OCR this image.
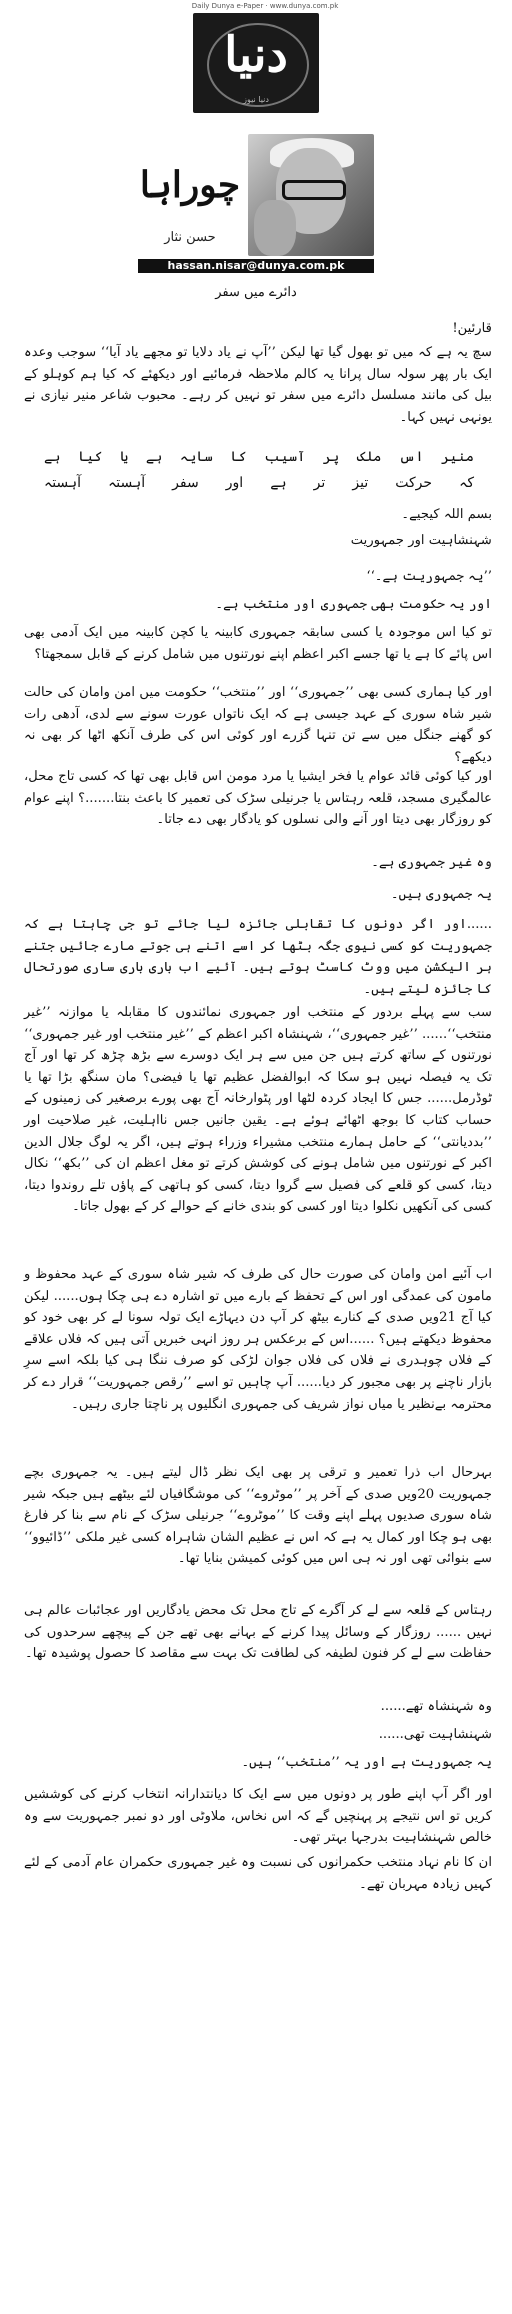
Daily Dunya e-Paper · www.dunya.com.pk
دنیا
دنیا نیوز
چوراہا
حسن نثار
hassan.nisar@dunya.com.pk
دائرے میں سفر
قارئین!
سچ یہ ہے کہ میں تو بھول گیا تھا لیکن ’’آپ نے یاد دلایا تو مجھے یاد آیا‘‘ سوجب وعدہ ایک بار پھر سولہ سال پرانا یہ کالم ملاحظہ فرمائیے اور دیکھئے کہ کیا ہم کوہلو کے بیل کی مانند مسلسل دائرے میں سفر تو نہیں کر رہے۔ محبوب شاعر منیر نیازی نے یونہی نہیں کہا۔
منیر اس ملک پر آسیب کا سایہ ہے یا کیا ہے
کہ حرکت تیز تر ہے اور سفر آہستہ آہستہ
بسم اللہ کیجیے۔
شہنشاہیت اور جمہوریت
’’یہ جمہوریت ہے۔‘‘
اور یہ حکومت بھی جمہوری اور منتخب ہے۔
تو کیا اس موجودہ یا کسی سابقہ جمہوری کابینہ یا کچن کابینہ میں ایک آدمی بھی اس پائے کا ہے یا تھا جسے اکبر اعظم اپنے نورتنوں میں شامل کرنے کے قابل سمجھتا؟
اور کیا ہماری کسی بھی ’’جمہوری‘‘ اور ’’منتخب‘‘ حکومت میں امن وامان کی حالت شیر شاہ سوری کے عہد جیسی ہے کہ ایک ناتواں عورت سونے سے لدی، آدھی رات کو گھنے جنگل میں سے تن تنہا گزرے اور کوئی اس کی طرف آنکھ اٹھا کر بھی نہ دیکھے؟
اور کیا کوئی قائد عوام یا فخر ایشیا یا مرد مومن اس قابل بھی تھا کہ کسی تاج محل، عالمگیری مسجد، قلعہ رہتاس یا جرنیلی سڑک کی تعمیر کا باعث بنتا.......؟ اپنے عوام کو روزگار بھی دیتا اور آنے والی نسلوں کو یادگار بھی دے جاتا۔
وہ غیر جمہوری ہے۔
یہ جمہوری ہیں۔
......اور اگر دونوں کا تقابلی جائزہ لیا جائے تو جی چاہتا ہے کہ جمہوریت کو کسی نیوی جگہ بٹھا کر اسے اتنے ہی جوتے مارے جائیں جتنے ہر الیکشن میں ووٹ کاسٹ ہوتے ہیں۔ آئیے اب باری باری ساری صورتحال کا جائزہ لیتے ہیں۔
سب سے پہلے بردور کے منتخب اور جمہوری نمائندوں کا مقابلہ یا موازنہ ’’غیر منتخب‘‘...... ’’غیر جمہوری‘‘، شہنشاہ اکبر اعظم کے ’’غیر منتخب اور غیر جمہوری‘‘ نورتنوں کے ساتھ کرتے ہیں جن میں سے ہر ایک دوسرے سے بڑھ چڑھ کر تھا اور آج تک یہ فیصلہ نہیں ہو سکا کہ ابوالفضل عظیم تھا یا فیضی؟ مان سنگھ بڑا تھا یا ٹوڈرمل...... جس کا ایجاد کردہ لٹھا اور پٹوارخانہ آج بھی پورے برصغیر کی زمینوں کے حساب کتاب کا بوجھ اٹھائے ہوئے ہے۔ یقین جانیں جس نااہلیت، غیر صلاحیت اور ’’بددیانتی‘‘ کے حامل ہمارے منتخب مشیراء وزراء ہوتے ہیں، اگر یہ لوگ جلال الدین اکبر کے نورتنوں میں شامل ہونے کی کوشش کرتے تو مغل اعظم ان کی ’’بکھ‘‘ نکال دیتا، کسی کو قلعے کی فصیل سے گروا دیتا، کسی کو ہاتھی کے پاؤں تلے روندوا دیتا، کسی کی آنکھیں نکلوا دیتا اور کسی کو بندی خانے کے حوالے کر کے بھول جاتا۔
اب آئیے امن وامان کی صورت حال کی طرف کہ شیر شاہ سوری کے عہد محفوظ و مامون کی عمدگی اور اس کے تحفظ کے بارے میں تو اشارہ دے ہی چکا ہوں...... لیکن کیا آج 21ویں صدی کے کنارے بیٹھ کر آپ دن دیہاڑے ایک تولہ سونا لے کر بھی خود کو محفوظ دیکھتے ہیں؟ ......اس کے برعکس ہر روز انہی خبریں آتی ہیں کہ فلاں علاقے کے فلاں چوہدری نے فلاں کی فلاں جوان لڑکی کو صرف ننگا ہی کیا بلکہ اسے سرِ بازار ناچنے پر بھی مجبور کر دیا...... آپ چاہیں تو اسے ’’رقص جمہوریت‘‘ قرار دے کر محترمہ بےنظیر یا میاں نواز شریف کی جمہوری انگلیوں پر ناچتا جاری رہیں۔
بہرحال اب ذرا تعمیر و ترقی پر بھی ایک نظر ڈال لیتے ہیں۔ یہ جمہوری بچے جمہوریت 20ویں صدی کے آخر پر ’’موٹروے‘‘ کی موشگافیاں لئے بیٹھے ہیں جبکہ شیر شاہ سوری صدیوں پہلے اپنے وقت کا ’’موٹروے‘‘ جرنیلی سڑک کے نام سے بنا کر فارغ بھی ہو چکا اور کمال یہ ہے کہ اس نے عظیم الشان شاہراہ کسی غیر ملکی ’’ڈائیوو‘‘ سے بنوائی تھی اور نہ ہی اس میں کوئی کمیشن بنایا تھا۔
رہتاس کے قلعہ سے لے کر آگرے کے تاج محل تک محض یادگاریں اور عجائبات عالم ہی نہیں ...... روزگار کے وسائل پیدا کرنے کے بہانے بھی تھے جن کے پیچھے سرحدوں کی حفاظت سے لے کر فنون لطیفہ کی لطافت تک بہت سے مقاصد کا حصول پوشیدہ تھا۔
وہ شہنشاہ تھے......
شہنشاہیت تھی......
یہ جمہوریت ہے اور یہ ’’منتخب‘‘ ہیں۔
اور اگر آپ اپنے طور پر دونوں میں سے ایک کا دیانتدارانہ انتخاب کرنے کی کوششیں کریں تو اس نتیجے پر پہنچیں گے کہ اس نخاس، ملاوٹی اور دو نمبر جمہوریت سے وہ خالص شہنشاہیت بدرجہا بہتر تھی۔
ان کا نام نہاد منتخب حکمرانوں کی نسبت وہ غیر جمہوری حکمران عام آدمی کے لئے کہیں زیادہ مہربان تھے۔
